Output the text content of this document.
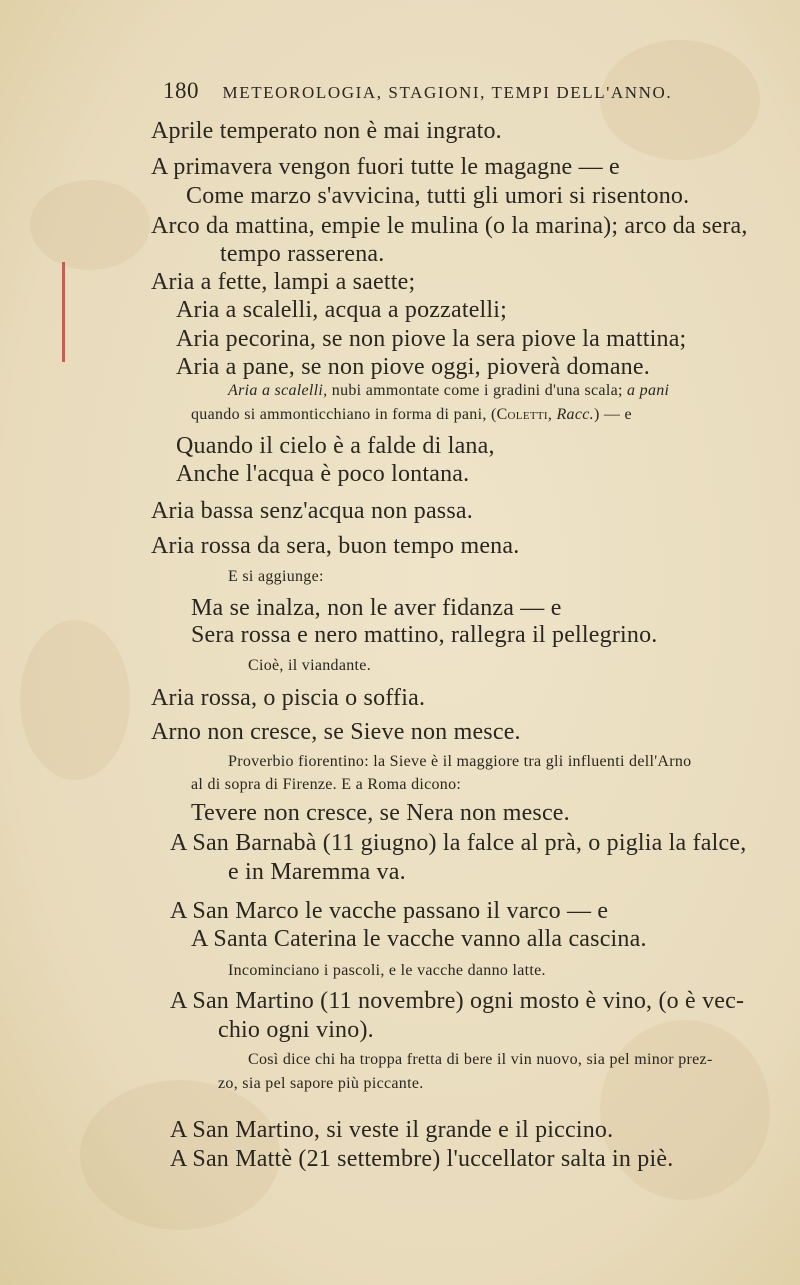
180 METEOROLOGIA, STAGIONI, TEMPI DELL'ANNO.
Aprile temperato non è mai ingrato.
A primavera vengon fuori tutte le magagne — e
Come marzo s'avvicina, tutti gli umori si risentono.
Arco da mattina, empie le mulina (o la marina); arco da sera,
tempo rasserena.
Aria a fette, lampi a saette;
Aria a scalelli, acqua a pozzatelli;
Aria pecorina, se non piove la sera piove la mattina;
Aria a pane, se non piove oggi, pioverà domane.
Aria a scalelli, nubi ammontate come i gradini d'una scala; a pani
quando si ammonticchiano in forma di pani, (Coletti, Racc.) — e
Quando il cielo è a falde di lana,
Anche l'acqua è poco lontana.
Aria bassa senz'acqua non passa.
Aria rossa da sera, buon tempo mena.
E si aggiunge:
Ma se inalza, non le aver fidanza — e
Sera rossa e nero mattino, rallegra il pellegrino.
Cioè, il viandante.
Aria rossa, o piscia o soffia.
Arno non cresce, se Sieve non mesce.
Proverbio fiorentino: la Sieve è il maggiore tra gli influenti dell'Arno
al di sopra di Firenze. E a Roma dicono:
Tevere non cresce, se Nera non mesce.
A San Barnabà (11 giugno) la falce al prà, o piglia la falce,
e in Maremma va.
A San Marco le vacche passano il varco — e
A Santa Caterina le vacche vanno alla cascina.
Incominciano i pascoli, e le vacche danno latte.
A San Martino (11 novembre) ogni mosto è vino, (o è vec-
chio ogni vino).
Così dice chi ha troppa fretta di bere il vin nuovo, sia pel minor prez-
zo, sia pel sapore più piccante.
A San Martino, si veste il grande e il piccino.
A San Mattè (21 settembre) l'uccellator salta in piè.
